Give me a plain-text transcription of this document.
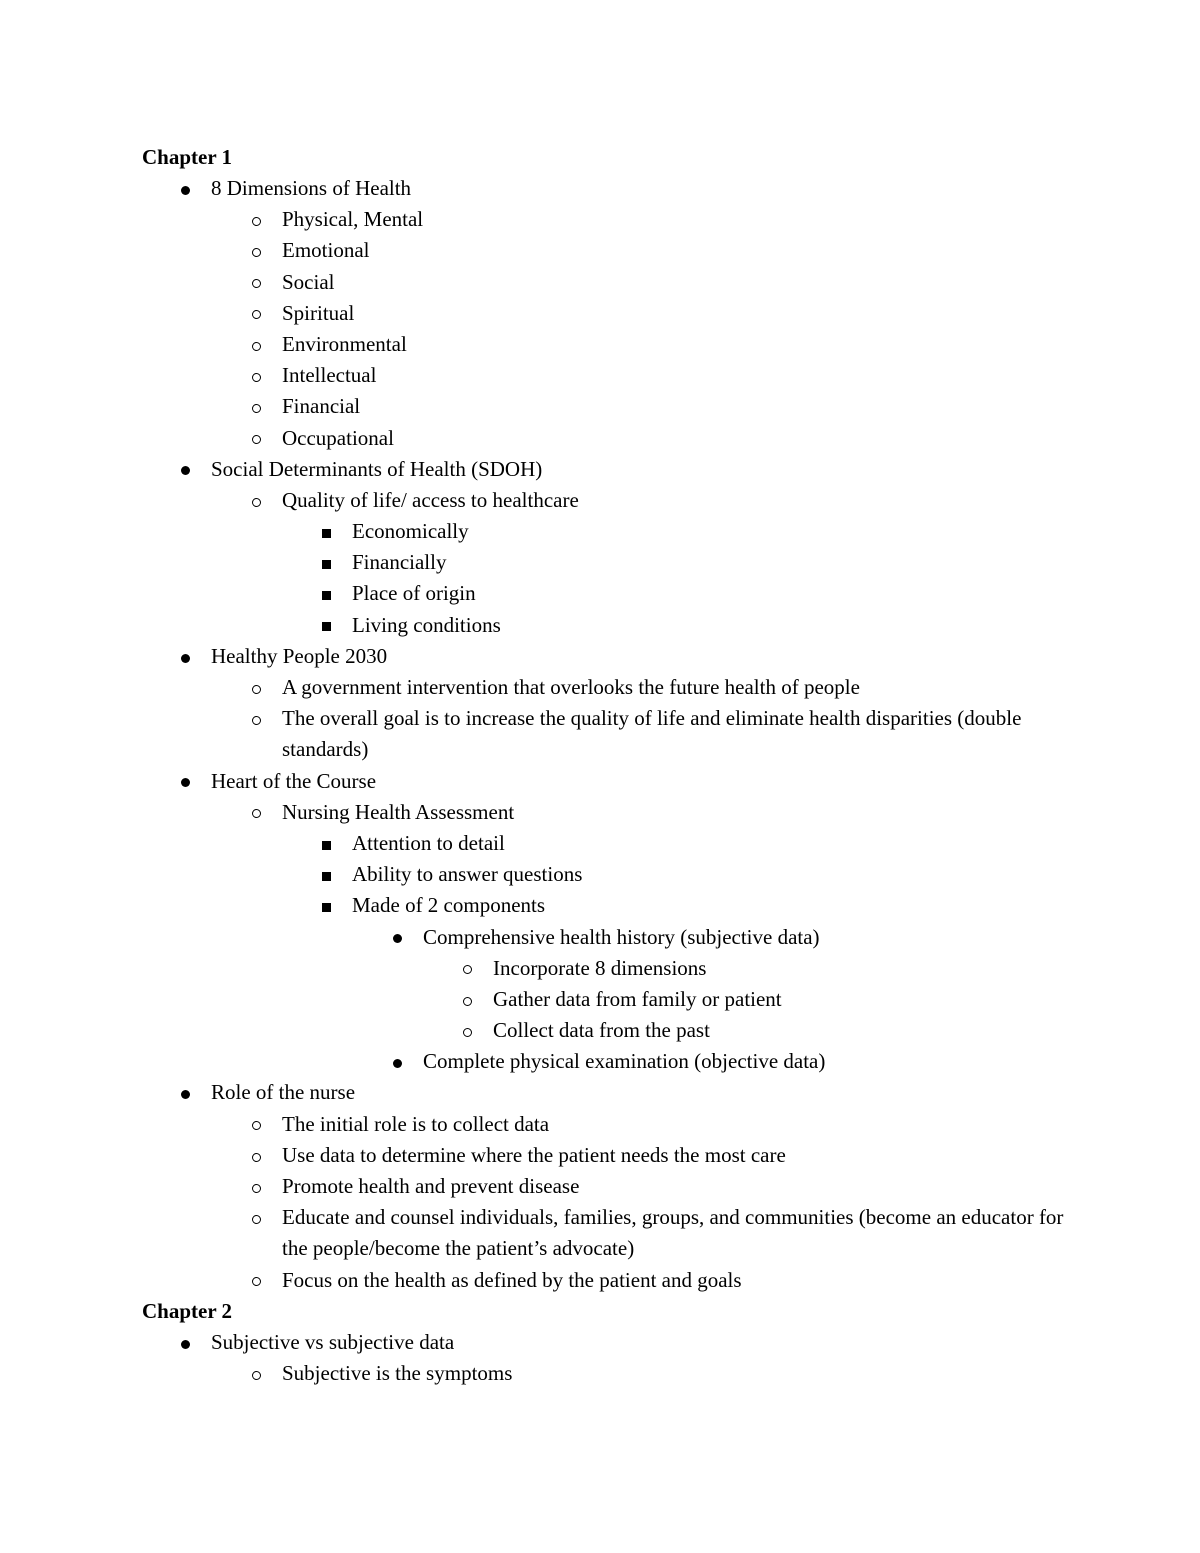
Chapter 1
8 Dimensions of Health
Physical, Mental
Emotional
Social
Spiritual
Environmental
Intellectual
Financial
Occupational
Social Determinants of Health (SDOH)
Quality of life/ access to healthcare
Economically
Financially
Place of origin
Living conditions
Healthy People 2030
A government intervention that overlooks the future health of people
The overall goal is to increase the quality of life and eliminate health disparities (double standards)
Heart of the Course
Nursing Health Assessment
Attention to detail
Ability to answer questions
Made of 2 components
Comprehensive health history (subjective data)
Incorporate 8 dimensions
Gather data from family or patient
Collect data from the past
Complete physical examination (objective data)
Role of the nurse
The initial role is to collect data
Use data to determine where the patient needs the most care
Promote health and prevent disease
Educate and counsel individuals, families, groups, and communities (become an educator for the people/become the patient’s advocate)
Focus on the health as defined by the patient and goals
Chapter 2
Subjective vs subjective data
Subjective is the symptoms
